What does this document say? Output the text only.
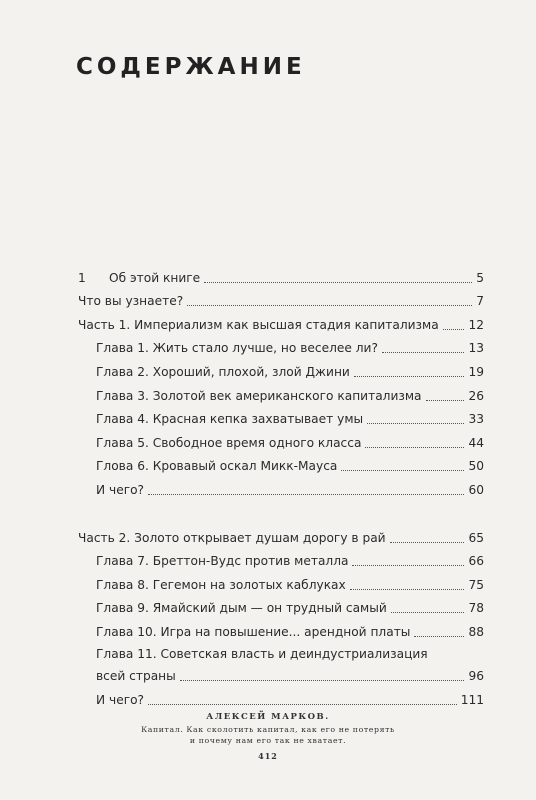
СОДЕРЖАНИЕ
1      Об этой книге	5
Что вы узнаете?	7
Часть 1. Империализм как высшая стадия капитализма 12
Глава 1. Жить стало лучше, но веселее ли?	13
Глава 2. Хороший, плохой, злой Джини	19
Глава 3. Золотой век американского капитализма	26
Глава 4. Красная кепка захватывает умы	33
Глава 5. Свободное время одного класса	44
Глова 6. Кровавый оскал Микк-Мауса	50
И чего?	60
Часть 2. Золото открывает душам дорогу в рай	65
Глава 7. Бреттон-Вудс против металла	66
Глава 8. Гегемон на золотых каблуках	75
Глава 9. Ямайский дым — он трудный самый	78
Глава 10. Игра на повышение... арендной платы	88
Глава 11. Советская власть и деиндустриализация
всей страны	96
И чего?	111
АЛЕКСЕЙ МАРКОВ.
Капитал. Как сколотить капитал, как его не потерять
и почему нам его так не хватает.
412
